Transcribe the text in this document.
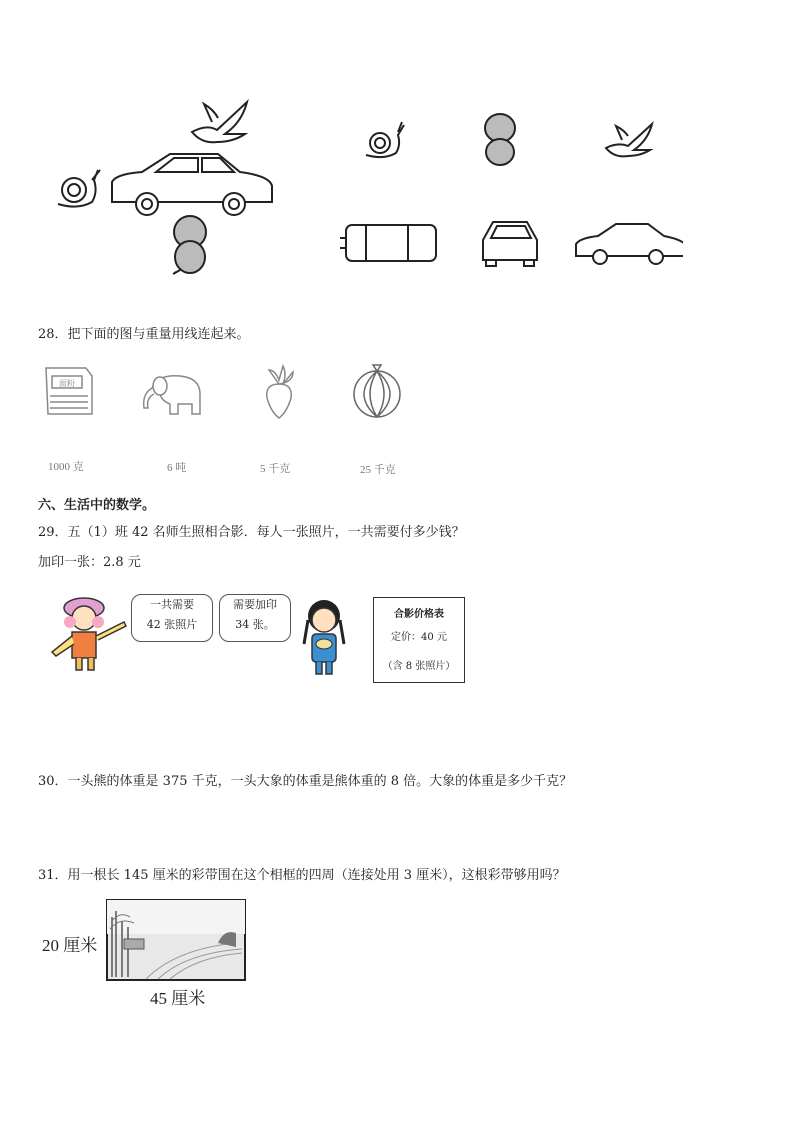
28．把下面的图与重量用线连起来。
面粉
1000 克	6 吨	5 千克	25 千克
六、生活中的数学。
29．五（1）班 42 名师生照相合影．每人一张照片，一共需要付多少钱？
加印一张：2.8 元
一共需要
42 张照片
需要加印
34 张。
合影价格表
定价：40 元
（含 8 张照片）
30．一头熊的体重是 375 千克，一头大象的体重是熊体重的 8 倍。大象的体重是多少千克？
31．用一根长 145 厘米的彩带围在这个相框的四周（连接处用 3 厘米），这根彩带够用吗？
20 厘米
45 厘米
